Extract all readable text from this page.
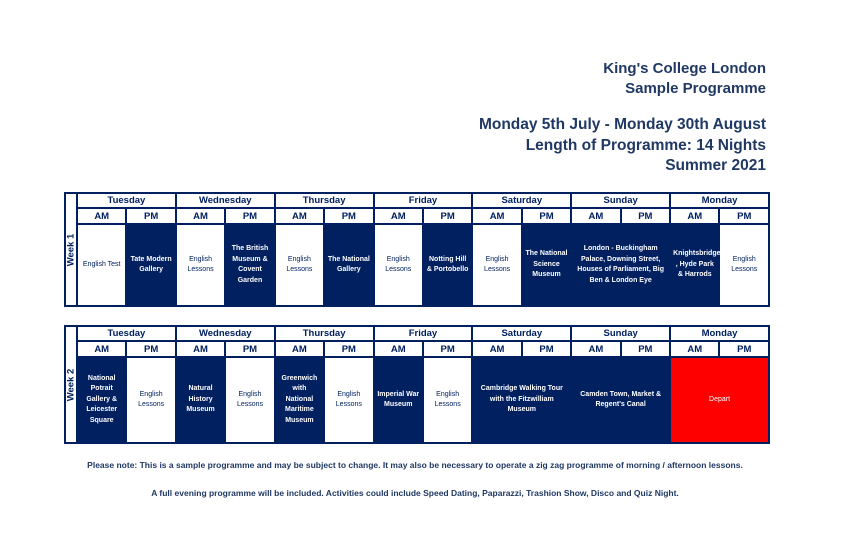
King's College London
Sample Programme
Monday 5th July - Monday 30th August
Length of Programme: 14 Nights
Summer 2021
Week 1	Tuesday		Wednesday		Thursday		Friday		Saturday		Sunday		Monday	
	AM	PM	AM	PM	AM	PM	AM	PM	AM	PM	AM	PM	AM	PM
	English Test	Tate Modern Gallery	English Lessons	The British Museum & Covent Garden	English Lessons	The National Gallery	English Lessons	Notting Hill & Portobello	English Lessons	The National Science Museum	London - Buckingham Palace, Downing Street, Houses of Parliament, Big Ben & London Eye		Knightsbridge , Hyde Park & Harrods	English Lessons
Week 2	Tuesday		Wednesday		Thursday		Friday		Saturday		Sunday		Monday	
	AM	PM	AM	PM	AM	PM	AM	PM	AM	PM	AM	PM	AM	PM
	National Potrait Gallery & Leicester Square	English Lessons	Natural History Museum	English Lessons	Greenwich with National Maritime Museum	English Lessons	Imperial War Museum	English Lessons	Cambridge Walking Tour with the Fitzwilliam Museum		Camden Town, Market & Regent's Canal		Depart	
Please note: This is a sample programme and may be subject to change. It may also be necessary to operate a zig zag programme of morning / afternoon lessons.
A full evening programme will be included. Activities could include Speed Dating, Paparazzi, Trashion Show, Disco and Quiz Night.
